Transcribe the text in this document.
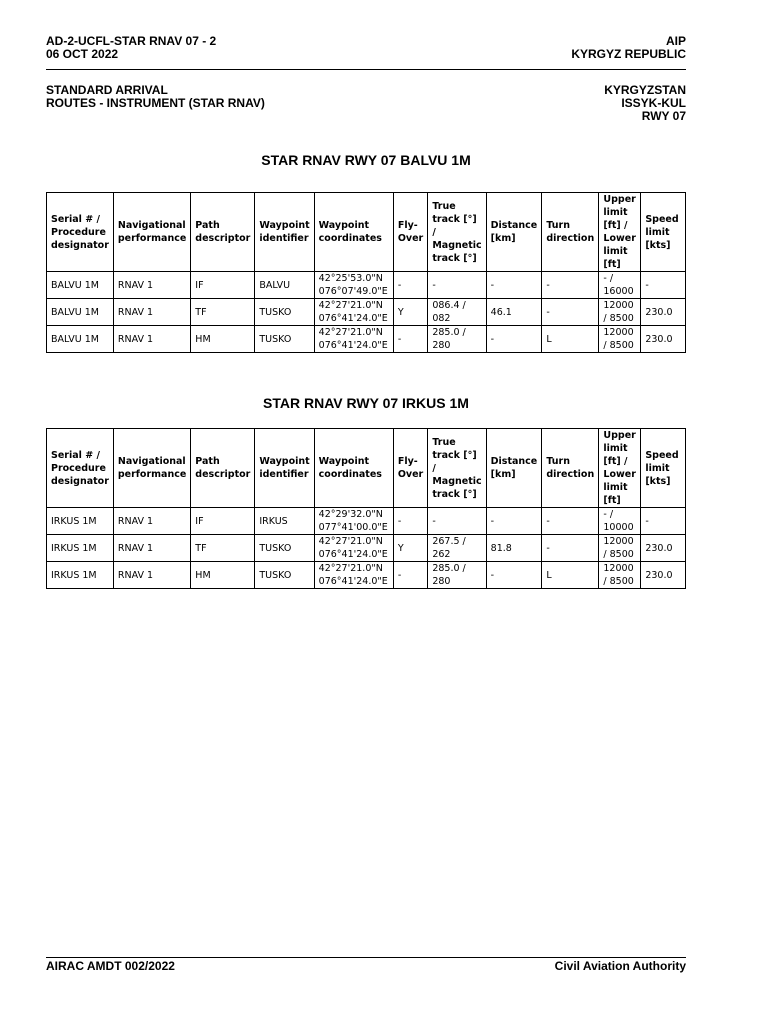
AD-2-UCFL-STAR RNAV 07 - 2
06 OCT 2022
AIP
KYRGYZ REPUBLIC
STANDARD ARRIVAL
ROUTES - INSTRUMENT (STAR RNAV)
KYRGYZSTAN
ISSYK-KUL
RWY 07
STAR RNAV RWY 07 BALVU 1M
Serial # / Procedure designator	Navigational performance	Path descriptor	Waypoint identifier	Waypoint coordinates	Fly-Over	True track [°] / Magnetic track [°]	Distance [km]	Turn direction	Upper limit [ft] / Lower limit [ft]	Speed limit [kts]
BALVU 1M	RNAV 1	IF	BALVU	42°25'53.0"N 076°07'49.0"E	-	-	-	-	- / 16000	-
BALVU 1M	RNAV 1	TF	TUSKO	42°27'21.0"N 076°41'24.0"E	Y	086.4 / 082	46.1	-	12000 / 8500	230.0
BALVU 1M	RNAV 1	HM	TUSKO	42°27'21.0"N 076°41'24.0"E	-	285.0 / 280	-	L	12000 / 8500	230.0
STAR RNAV RWY 07 IRKUS 1M
Serial # / Procedure designator	Navigational performance	Path descriptor	Waypoint identifier	Waypoint coordinates	Fly-Over	True track [°] / Magnetic track [°]	Distance [km]	Turn direction	Upper limit [ft] / Lower limit [ft]	Speed limit [kts]
IRKUS 1M	RNAV 1	IF	IRKUS	42°29'32.0"N 077°41'00.0"E	-	-	-	-	- / 10000	-
IRKUS 1M	RNAV 1	TF	TUSKO	42°27'21.0"N 076°41'24.0"E	Y	267.5 / 262	81.8	-	12000 / 8500	230.0
IRKUS 1M	RNAV 1	HM	TUSKO	42°27'21.0"N 076°41'24.0"E	-	285.0 / 280	-	L	12000 / 8500	230.0
AIRAC AMDT 002/2022	Civil Aviation Authority
